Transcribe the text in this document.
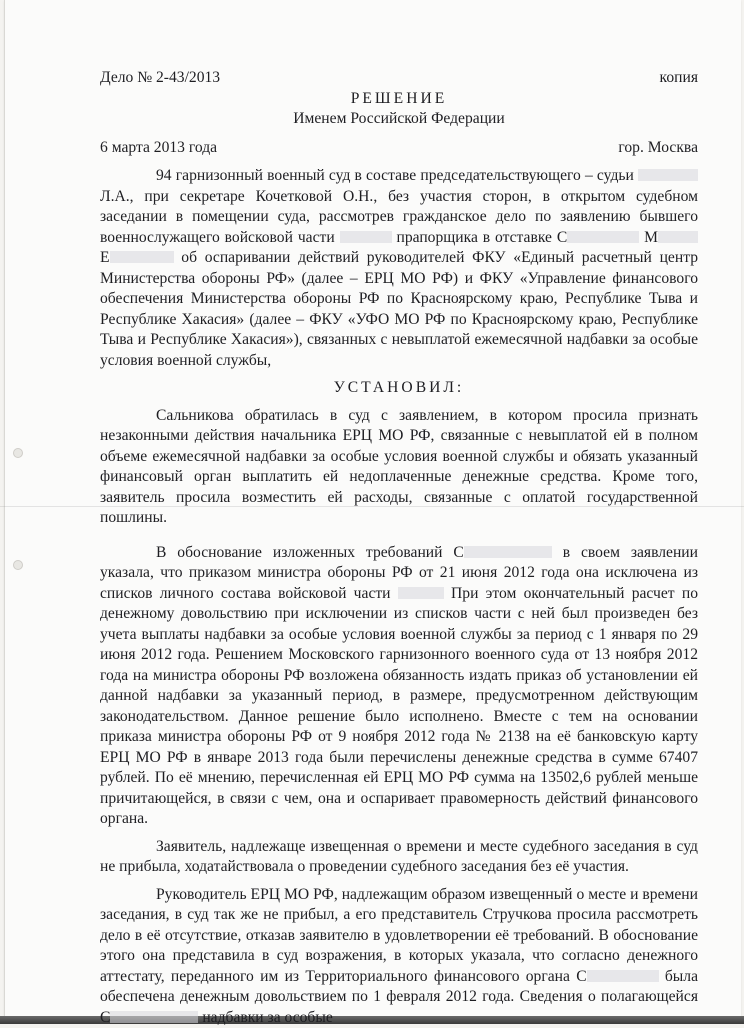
Дело № 2-43/2013	копия
РЕШЕНИЕ
Именем Российской Федерации
6 марта 2013 года	гор. Москва

94 гарнизонный военный суд в составе председательствующего – судьи  Л.А., при секретаре Кочетковой О.Н., без участия сторон, в открытом судебном заседании в помещении суда, рассмотрев гражданское дело по заявлению бывшего военнослужащего войсковой части	прапорщика в отставке С	М Е	об оспаривании действий руководителей ФКУ «Единый расчетный центр Министерства обороны РФ» (далее – ЕРЦ МО РФ) и ФКУ «Управление финансового обеспечения Министерства обороны РФ по Красноярскому краю, Республике Тыва и Республике Хакасия» (далее – ФКУ «УФО МО РФ по Красноярскому краю, Республике Тыва и Республике Хакасия»), связанных с невыплатой ежемесячной надбавки за особые условия военной службы,

УСТАНОВИЛ:

Сальникова обратилась в суд с заявлением, в котором просила признать незаконными действия начальника ЕРЦ МО РФ, связанные с невыплатой ей в полном объеме ежемесячной надбавки за особые условия военной службы и обязать указанный финансовый орган выплатить ей недоплаченные денежные средства. Кроме того, заявитель просила возместить ей расходы, связанные с оплатой государственной пошлины.

В обоснование изложенных требований С	в своем заявлении указала, что приказом министра обороны РФ от 21 июня 2012 года она исключена из списков личного состава войсковой части	При этом окончательный расчет по денежному довольствию при исключении из списков части с ней был произведен без учета выплаты надбавки за особые условия военной службы за период с 1 января по 29 июня 2012 года. Решением Московского гарнизонного военного суда от 13 ноября 2012 года на министра обороны РФ возложена обязанность издать приказ об установлении ей данной надбавки за указанный период, в размере, предусмотренном действующим законодательством. Данное решение было исполнено. Вместе с тем на основании приказа министра обороны РФ от 9 ноября 2012 года № 2138 на её банковскую карту ЕРЦ МО РФ в январе 2013 года были перечислены денежные средства в сумме 67407 рублей. По её мнению, перечисленная ей ЕРЦ МО РФ сумма на 13502,6 рублей меньше причитающейся, в связи с чем, она и оспаривает правомерность действий финансового органа.

Заявитель, надлежаще извещенная о времени и месте судебного заседания в суд не прибыла, ходатайствовала о проведении судебного заседания без её участия.

Руководитель ЕРЦ МО РФ, надлежащим образом извещенный о месте и времени заседания, в суд так же не прибыл, а его представитель Стручкова просила рассмотреть дело в её отсутствие, отказав заявителю в удовлетворении её требований. В обоснование этого она представила в суд возражения, в которых указала, что согласно денежного аттестату, переданного им из Территориального финансового органа С	была обеспечена денежным довольствием по 1 февраля 2012 года. Сведения о полагающейся С	надбавки за особые
